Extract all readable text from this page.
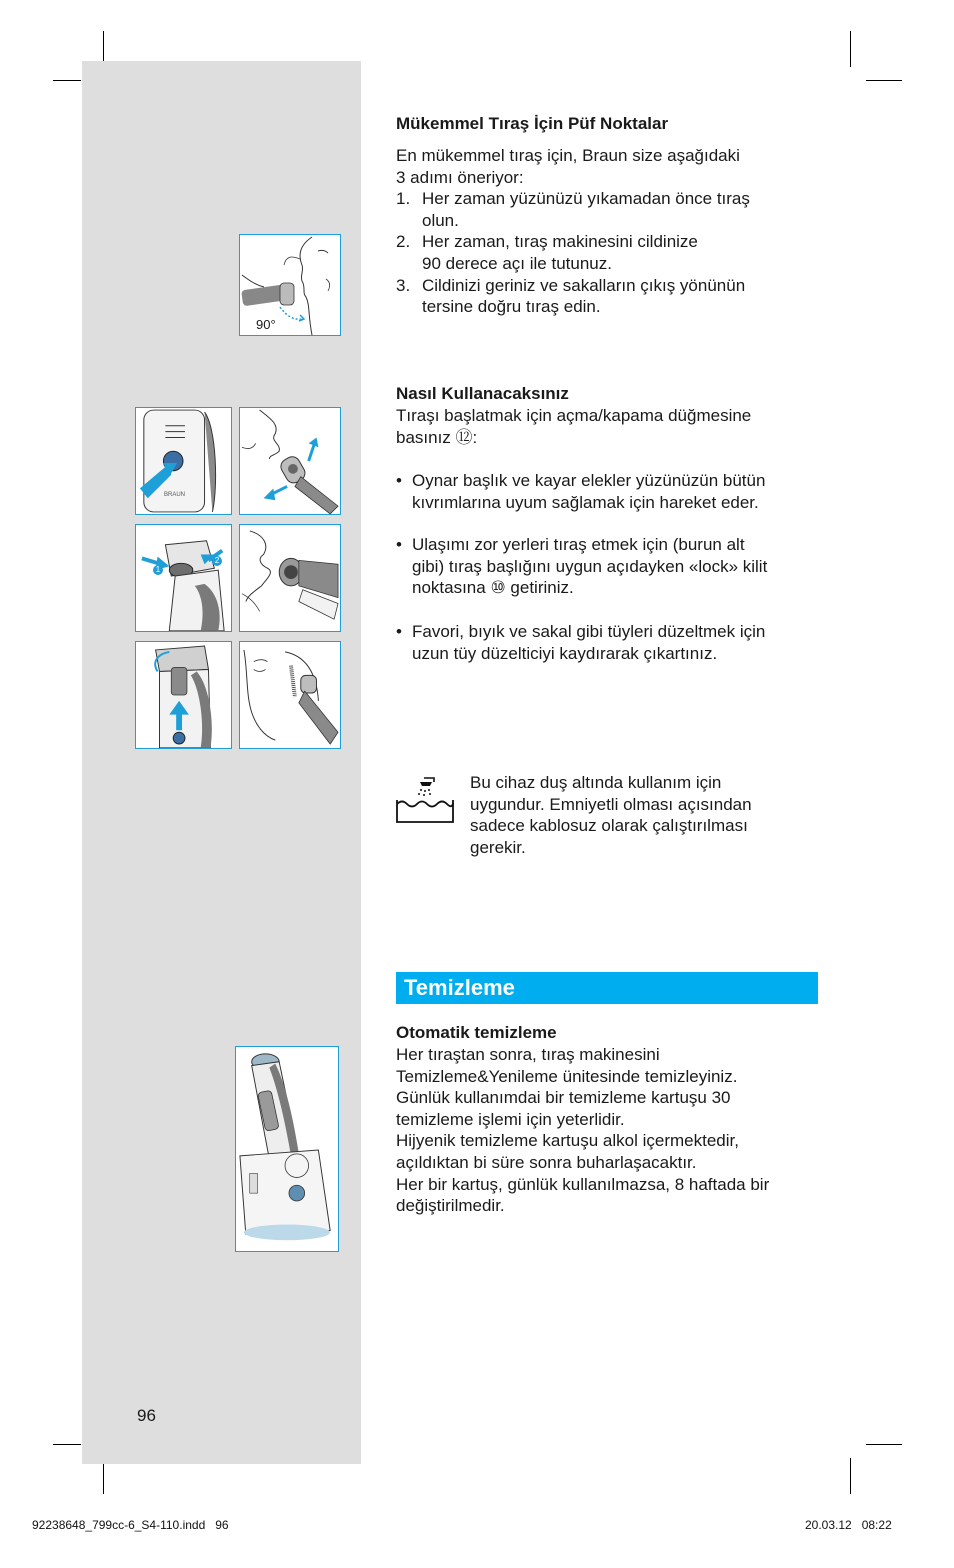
90°
BRAUN
1
2
Mükemmel Tıraş İçin Püf Noktalar
En mükemmel tıraş için, Braun size aşağıdaki
3 adımı öneriyor:
1. Her zaman yüzünüzü yıkamadan önce tıraş
olun.
2. Her zaman, tıraş makinesini cildinize
90 derece açı ile tutunuz.
3. Cildinizi geriniz ve sakalların çıkış yönünün
tersine doğru tıraş edin.
Nasıl Kullanacaksınız
Tıraşı başlatmak için açma/kapama düğmesine
basınız ⑫:
• Oynar başlık ve kayar elekler yüzünüzün bütün
kıvrımlarına uyum sağlamak için hareket eder.
• Ulaşımı zor yerleri tıraş etmek için (burun alt
gibi) tıraş başlığını uygun açıdayken «lock» kilit
noktasına ⑩ getiriniz.
• Favori, bıyık ve sakal gibi tüyleri düzeltmek için
uzun tüy düzelticiyi kaydırarak çıkartınız.
Bu cihaz duş altında kullanım için
uygundur. Emniyetli olması açısından
sadece kablosuz olarak çalıştırılması
gerekir.
Temizleme
Otomatik temizleme
Her tıraştan sonra, tıraş makinesini
Temizleme&Yenileme ünitesinde temizleyiniz.
Günlük kullanımdai bir temizleme kartuşu 30
temizleme işlemi için yeterlidir.
Hijyenik temizleme kartuşu alkol içermektedir,
açıldıktan bi süre sonra buharlaşacaktır.
Her bir kartuş, günlük kullanılmazsa, 8 haftada bir
değiştirilmedir.
96
92238648_799cc-6_S4-110.indd   96	20.03.12   08:22
